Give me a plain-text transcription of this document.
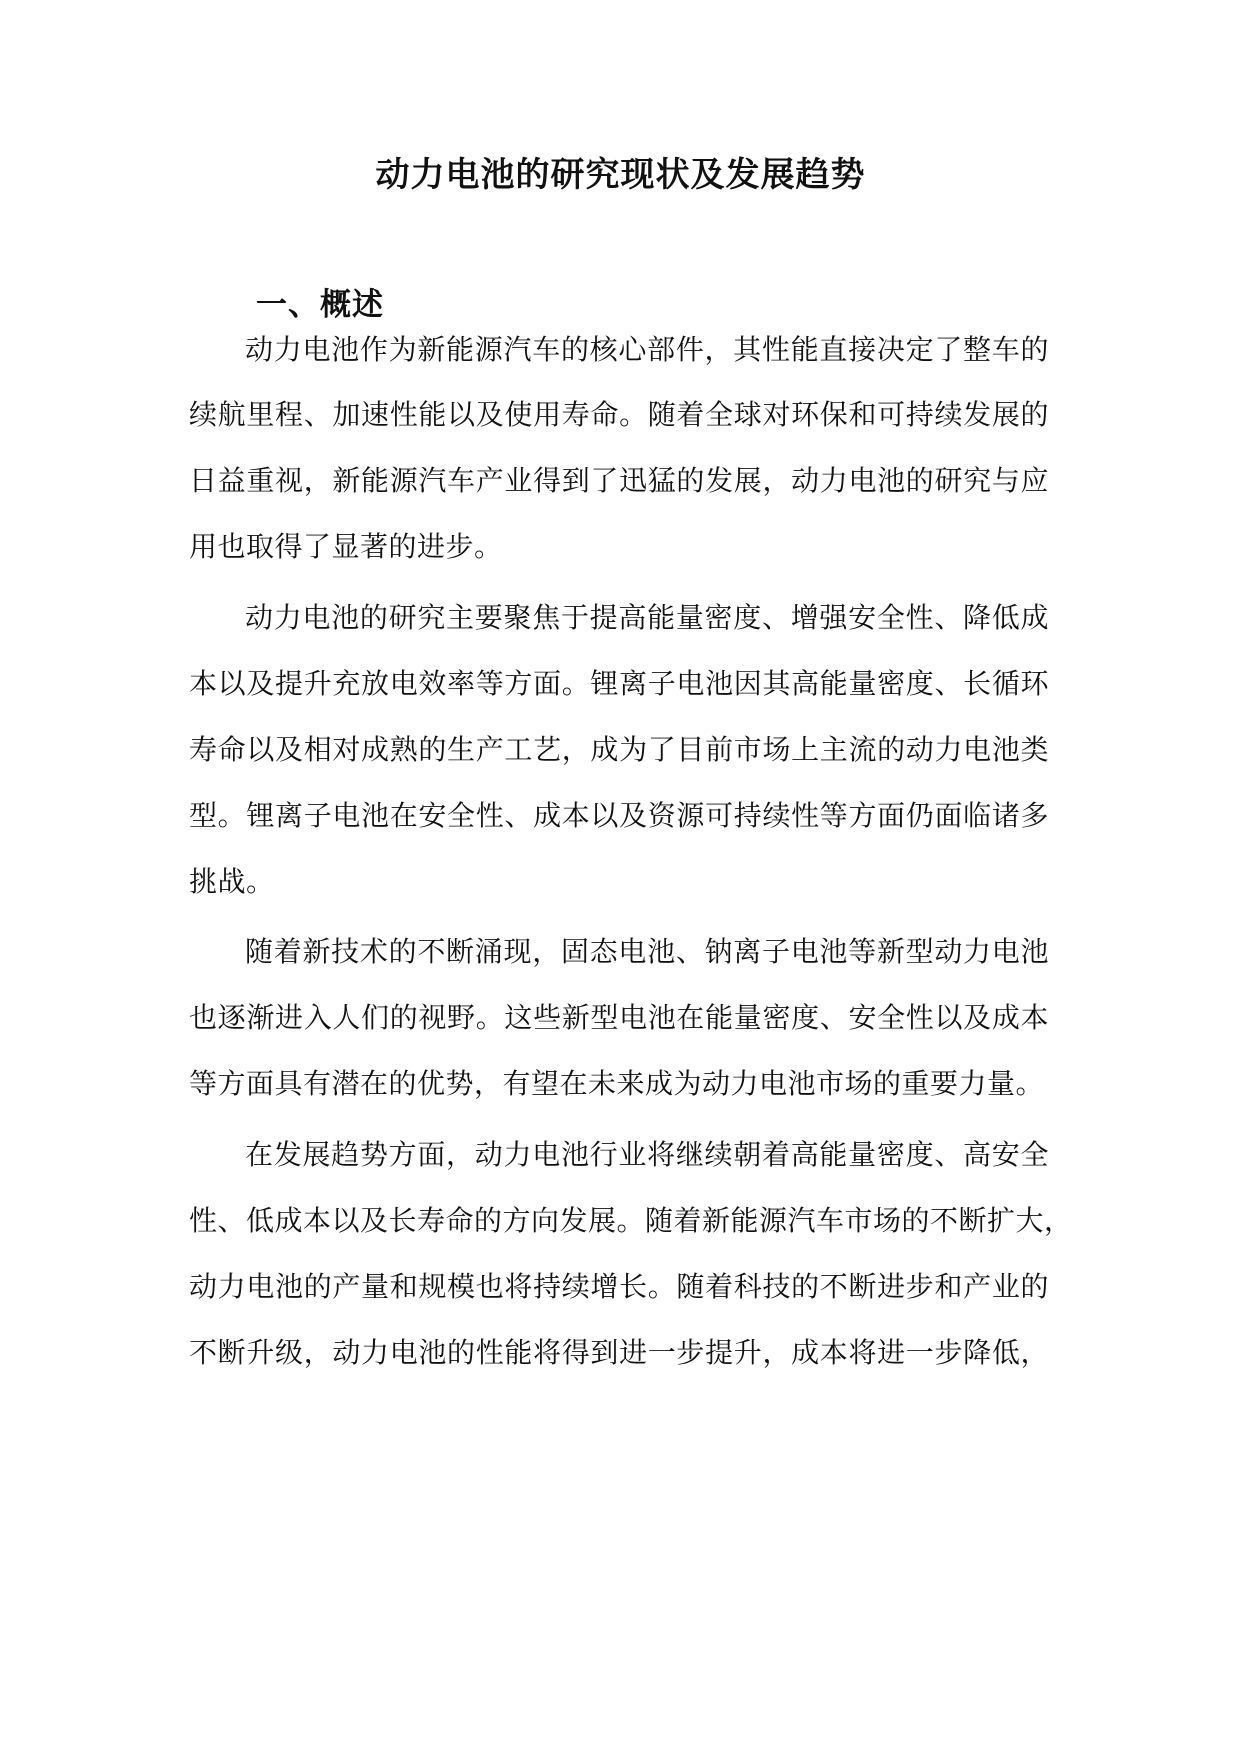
动力电池的研究现状及发展趋势
一、概述
动力电池作为新能源汽车的核心部件，其性能直接决定了整车的
续航里程、加速性能以及使用寿命。随着全球对环保和可持续发展的
日益重视，新能源汽车产业得到了迅猛的发展，动力电池的研究与应
用也取得了显著的进步。
动力电池的研究主要聚焦于提高能量密度、增强安全性、降低成
本以及提升充放电效率等方面。锂离子电池因其高能量密度、长循环
寿命以及相对成熟的生产工艺，成为了目前市场上主流的动力电池类
型。锂离子电池在安全性、成本以及资源可持续性等方面仍面临诸多
挑战。
随着新技术的不断涌现，固态电池、钠离子电池等新型动力电池
也逐渐进入人们的视野。这些新型电池在能量密度、安全性以及成本
等方面具有潜在的优势，有望在未来成为动力电池市场的重要力量。
在发展趋势方面，动力电池行业将继续朝着高能量密度、高安全
性、低成本以及长寿命的方向发展。随着新能源汽车市场的不断扩大，
动力电池的产量和规模也将持续增长。随着科技的不断进步和产业的
不断升级，动力电池的性能将得到进一步提升，成本将进一步降低，
